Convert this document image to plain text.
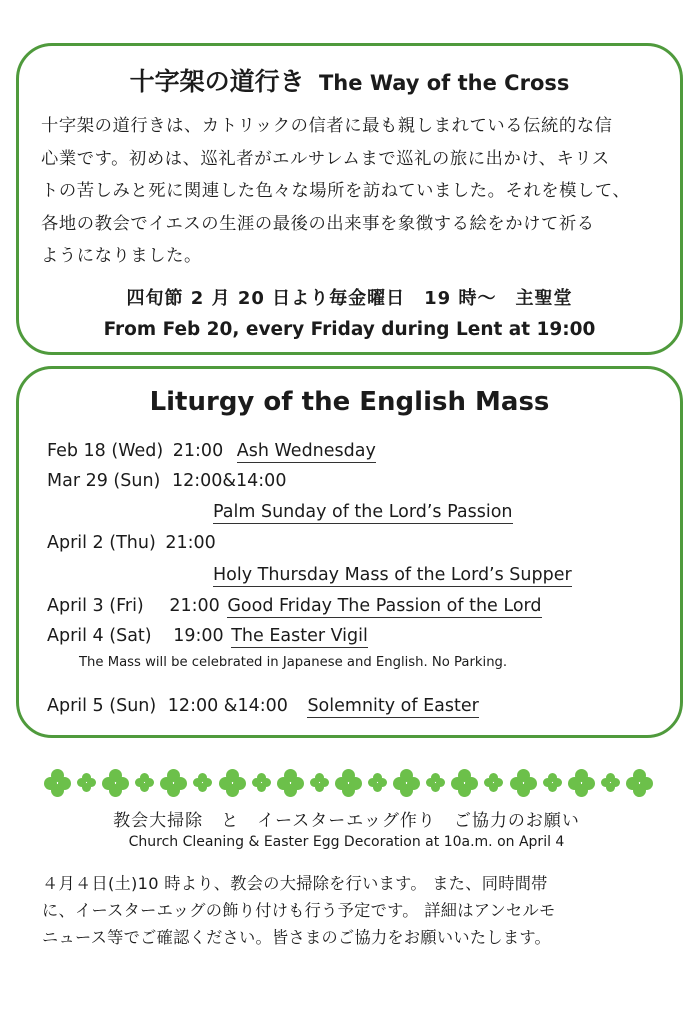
十字架の道行き The Way of the Cross

十字架の道行きは、カトリックの信者に最も親しまれている伝統的な信
心業です。初めは、巡礼者がエルサレムまで巡礼の旅に出かけ、キリス
トの苦しみと死に関連した色々な場所を訪ねていました。それを模して、
各地の教会でイエスの生涯の最後の出来事を象徴する絵をかけて祈る
ようになりました。

四旬節 2 月 20 日より毎金曜日　19 時～　主聖堂
From Feb 20, every Friday during Lent at 19:00
Liturgy of the English Mass
Feb 18 (Wed) 21:00 Ash Wednesday
Mar 29 (Sun) 12:00&14:00
Palm Sunday of the Lord’s Passion
April 2 (Thu) 21:00
Holy Thursday Mass of the Lord’s Supper
April 3 (Fri) 21:00 Good Friday The Passion of the Lord
April 4 (Sat) 19:00 The Easter Vigil
The Mass will be celebrated in Japanese and English. No Parking.
April 5 (Sun) 12:00 &14:00 Solemnity of Easter
教会大掃除　と　イースターエッグ作り　ご協力のお願い
Church Cleaning & Easter Egg Decoration at 10a.m. on April 4

４月４日(土)10 時より、教会の大掃除を行います。 また、同時間帯
に、イースターエッグの飾り付けも行う予定です。 詳細はアンセルモ
ニュース等でご確認ください。皆さまのご協力をお願いいたします。
